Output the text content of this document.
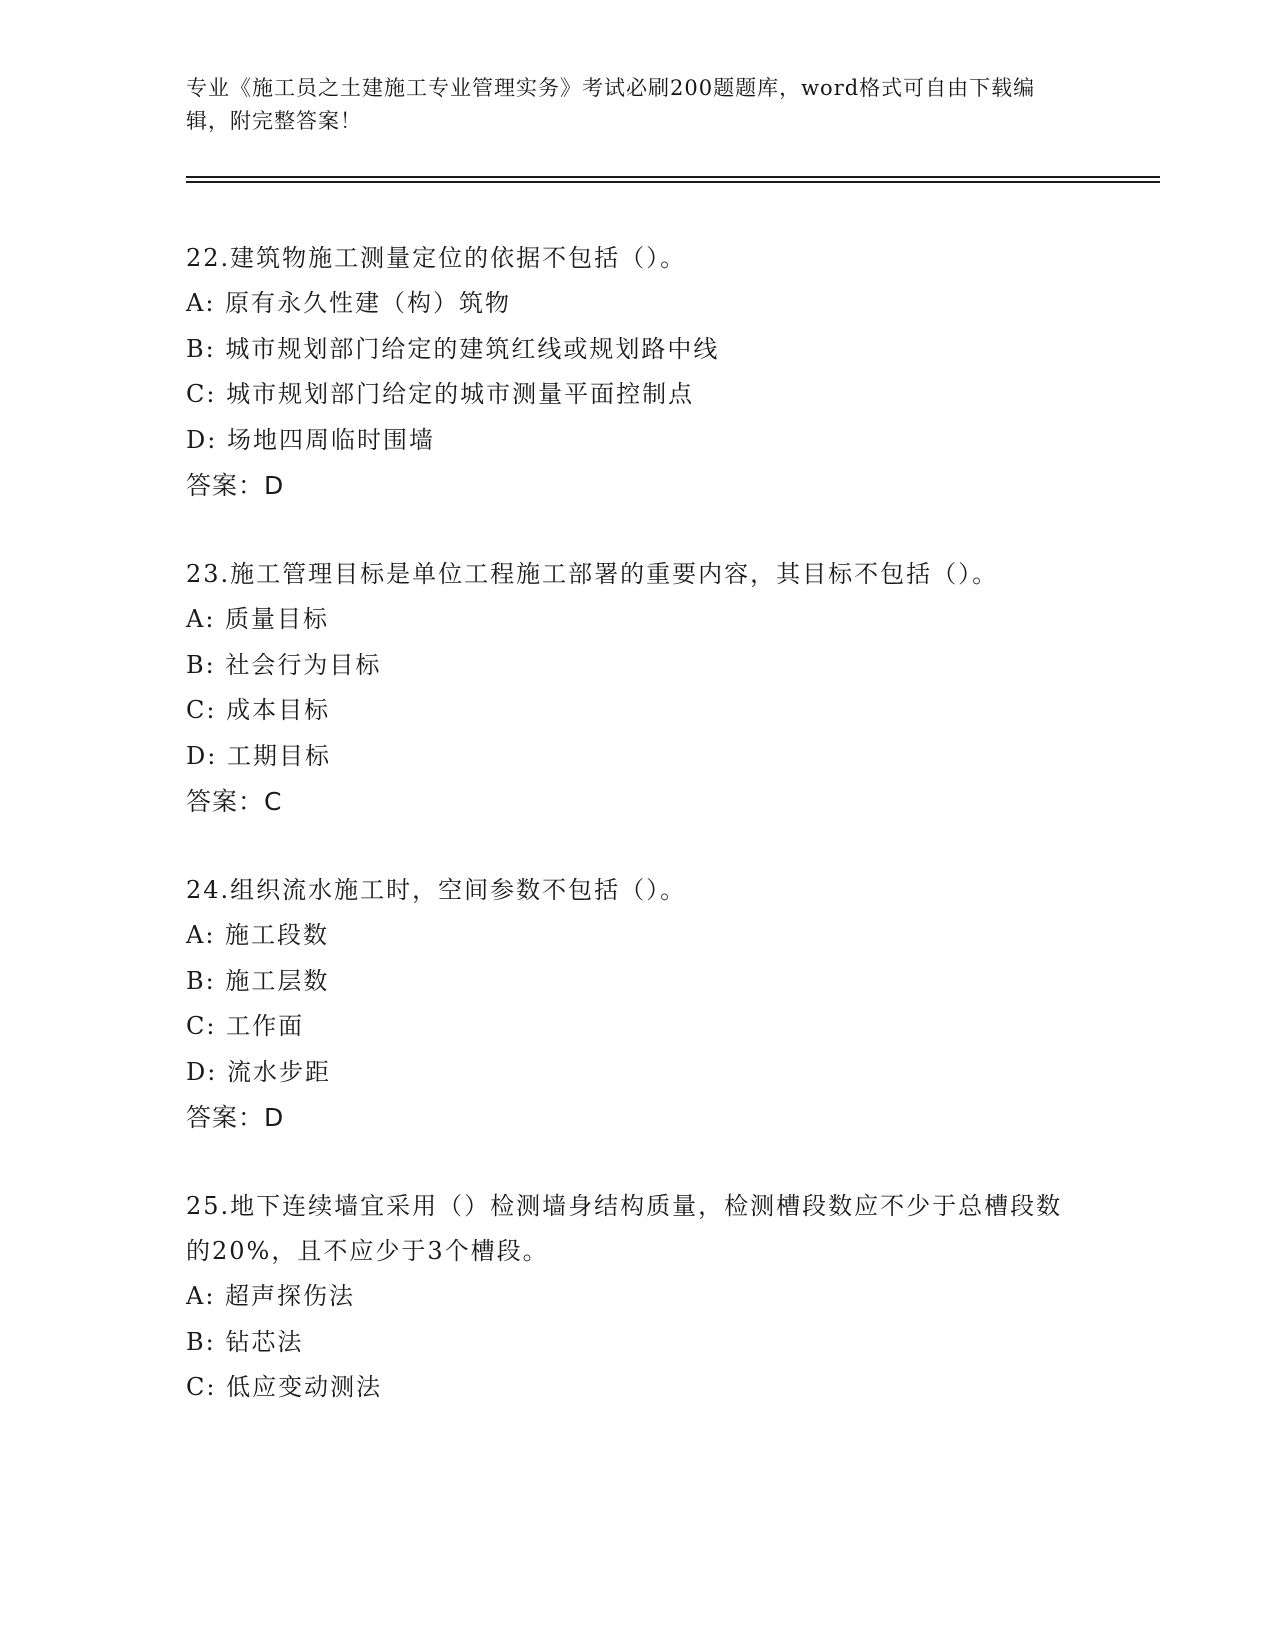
专业《施工员之土建施工专业管理实务》考试必刷200题题库，word格式可自由下载编辑，附完整答案！

22.建筑物施工测量定位的依据不包括（）。

A: 原有永久性建（构）筑物

B: 城市规划部门给定的建筑红线或规划路中线

C: 城市规划部门给定的城市测量平面控制点

D: 场地四周临时围墙

答案：D

23.施工管理目标是单位工程施工部署的重要内容，其目标不包括（）。

A: 质量目标

B: 社会行为目标

C: 成本目标

D: 工期目标

答案：C

24.组织流水施工时，空间参数不包括（）。

A: 施工段数

B: 施工层数

C: 工作面

D: 流水步距

答案：D

25.地下连续墙宜采用（）检测墙身结构质量，检测槽段数应不少于总槽段数的20%，且不应少于3个槽段。

A: 超声探伤法

B: 钻芯法

C: 低应变动测法
